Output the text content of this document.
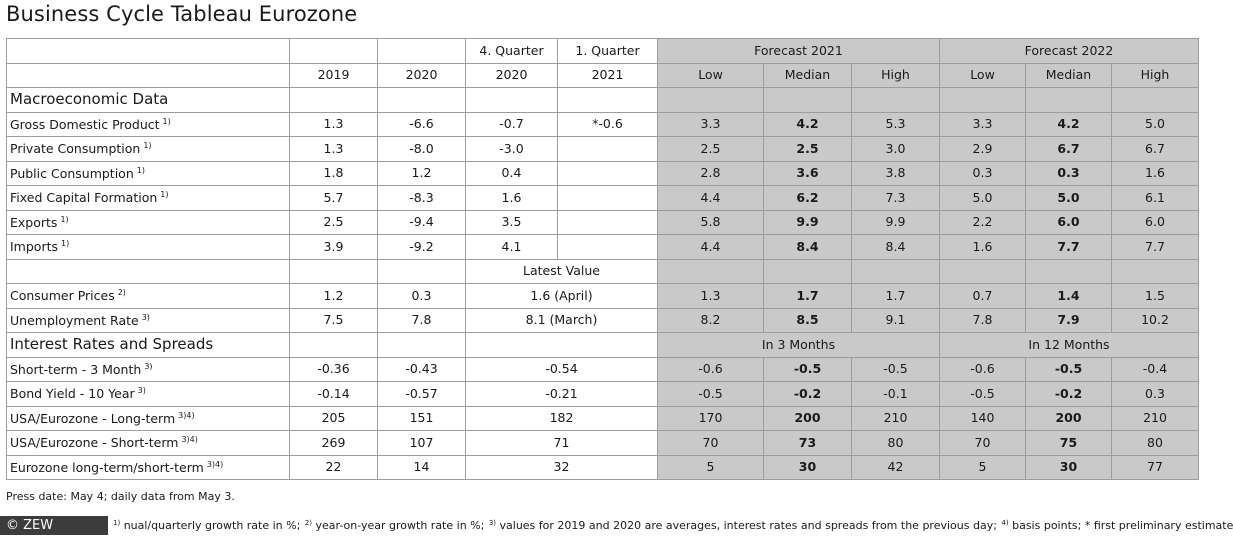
Business Cycle Tableau Eurozone
			4. Quarter	1. Quarter	Forecast 2021			Forecast 2022		
	2019	2020	2020	2021	Low	Median	High	Low	Median	High
Macroeconomic Data										
Gross Domestic Product $^{1)}$	1.3	-6.6	-0.7	*-0.6	3.3	4.2	5.3	3.3	4.2	5.0
Private Consumption $^{1)}$	1.3	-8.0	-3.0		2.5	2.5	3.0	2.9	6.7	6.7
Public Consumption $^{1)}$	1.8	1.2	0.4		2.8	3.6	3.8	0.3	0.3	1.6
Fixed Capital Formation $^{1)}$	5.7	-8.3	1.6		4.4	6.2	7.3	5.0	5.0	6.1
Exports $^{1)}$	2.5	-9.4	3.5		5.8	9.9	9.9	2.2	6.0	6.0
Imports $^{1)}$	3.9	-9.2	4.1		4.4	8.4	8.4	1.6	7.7	7.7
			Latest Value							
Consumer Prices $^{2)}$	1.2	0.3	1.6 (April)		1.3	1.7	1.7	0.7	1.4	1.5
Unemployment Rate $^{3)}$	7.5	7.8	8.1 (March)		8.2	8.5	9.1	7.8	7.9	10.2
Interest Rates and Spreads					In 3 Months			In 12 Months		
Short-term - 3 Month $^{3)}$	-0.36	-0.43	-0.54		-0.6	-0.5	-0.5	-0.6	-0.5	-0.4
Bond Yield - 10 Year $^{3)}$	-0.14	-0.57	-0.21		-0.5	-0.2	-0.1	-0.5	-0.2	0.3
USA/Eurozone - Long-term $^{3)4)}$	205	151	182		170	200	210	140	200	210
USA/Eurozone - Short-term $^{3)4)}$	269	107	71		70	73	80	70	75	80
Eurozone long-term/short-term $^{3)4)}$	22	14	32		5	30	42	5	30	77
Press date: May 4; daily data from May 3.
$^{1)}$ nual/quarterly growth rate in %; $^{2)}$ year-on-year growth rate in %; $^{3)}$ values for 2019 and 2020 are averages, interest rates and spreads from the previous day; $^{4)}$ basis points; * first preliminary estimate
© ZEW
